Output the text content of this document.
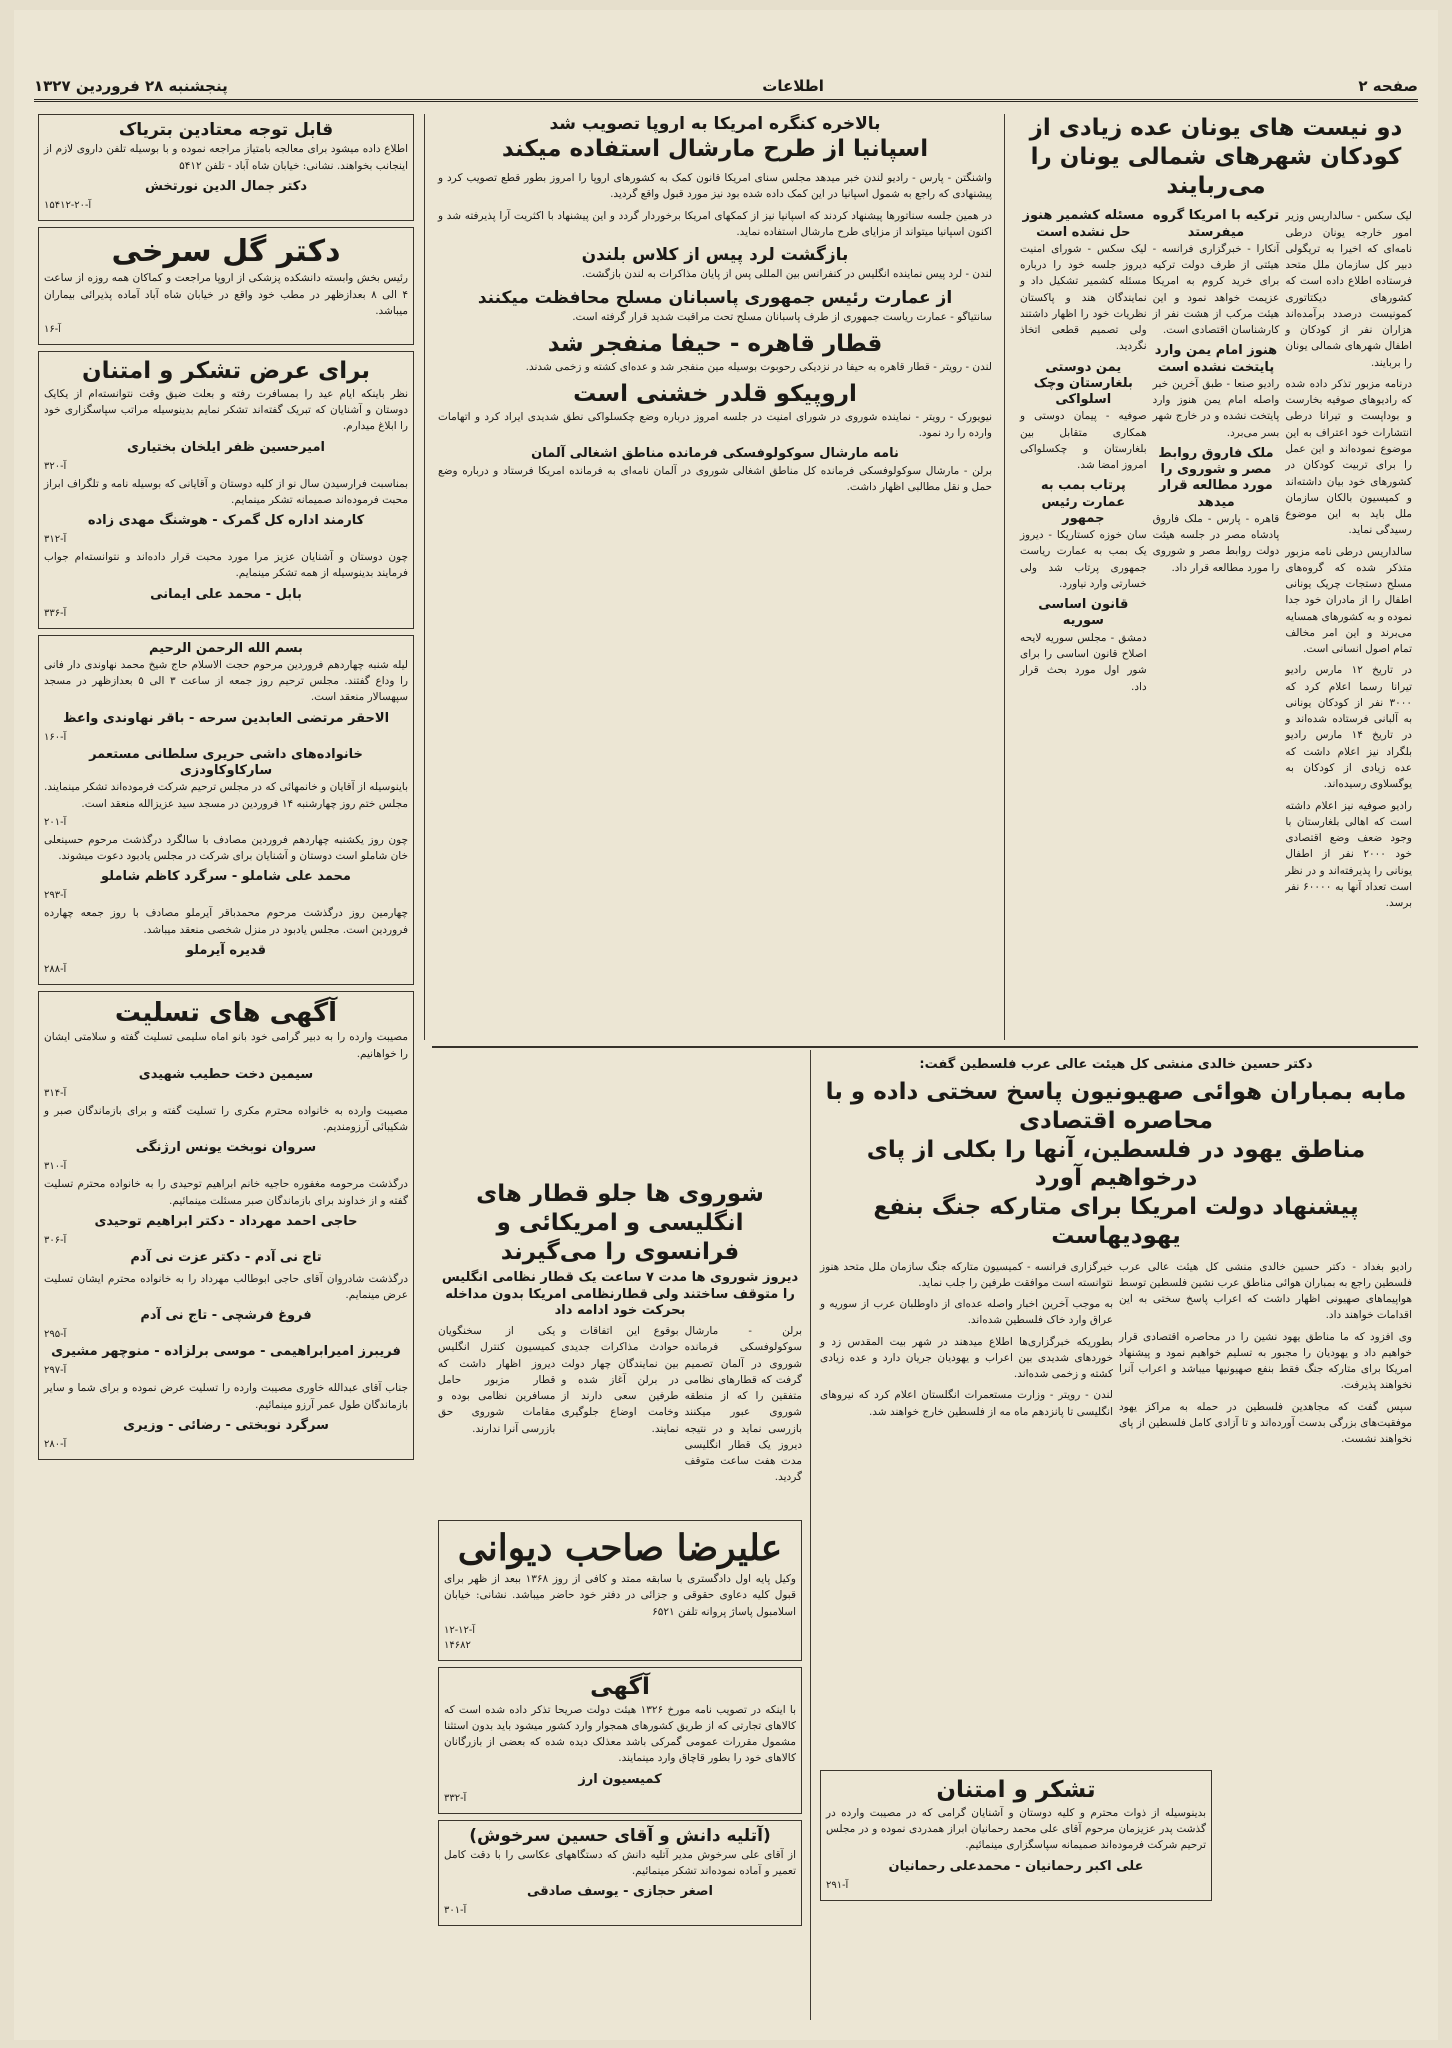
صفحه ۲
اطلاعات
پنجشنبه ۲۸ فروردین ۱۳۲۷
دو نیست های یونان عده زیادی از کودکان شهرهای شمالی یونان را می‌ربایند

لیک سکس - سالداریس وزیر امور خارجه یونان درطی نامه‌ای که اخیرا به تریگولی دبیر کل سازمان ملل متحد فرستاده اطلاع داده است که کشورهای دیکتاتوری کمونیست درصدد برآمده‌اند هزاران نفر از کودکان و اطفال شهرهای شمالی یونان را بربایند.

درنامه مزبور تذکر داده شده که رادیوهای صوفیه بخارست و بوداپست و تیرانا درطی انتشارات خود اعتراف به این موضوع نموده‌اند و این عمل را برای تربیت کودکان در کشورهای خود بیان داشته‌اند و کمیسیون بالکان سازمان ملل باید به این موضوع رسیدگی نماید.

سالداریس درطی نامه مزبور متذکر شده که گروه‌های مسلح دستجات چریک یونانی اطفال را از مادران خود جدا نموده و به کشورهای همسایه می‌برند و این امر مخالف تمام اصول انسانی است.

در تاریخ ۱۲ مارس رادیو تیرانا رسما اعلام کرد که ۳۰۰۰ نفر از کودکان یونانی به آلبانی فرستاده شده‌اند و در تاریخ ۱۴ مارس رادیو بلگراد نیز اعلام داشت که عده زیادی از کودکان به یوگسلاوی رسیده‌اند.

رادیو صوفیه نیز اعلام داشته است که اهالی بلغارستان با وجود ضعف وضع اقتصادی خود ۲۰۰۰ نفر از اطفال یونانی را پذیرفته‌اند و در نظر است تعداد آنها به ۶۰۰۰۰ نفر برسد.

ترکیه با امریکا گروه میفرستد

آنکارا - خبرگزاری فرانسه - هیئتی از طرف دولت ترکیه برای خرید کروم به امریکا عزیمت خواهد نمود و این هیئت مرکب از هشت نفر از کارشناسان اقتصادی است.

هنوز امام یمن وارد پایتخت نشده است

رادیو صنعا - طبق آخرین خبر واصله امام یمن هنوز وارد پایتخت نشده و در خارج شهر بسر می‌برد.

ملک فاروق روابط مصر و شوروی را مورد مطالعه قرار میدهد

قاهره - پارس - ملک فاروق پادشاه مصر در جلسه هیئت دولت روابط مصر و شوروی را مورد مطالعه قرار داد.

مسئله کشمیر هنوز حل نشده است

لیک سکس - شورای امنیت دیروز جلسه خود را درباره مسئله کشمیر تشکیل داد و نمایندگان هند و پاکستان نظریات خود را اظهار داشتند ولی تصمیم قطعی اتخاذ نگردید.

یمن دوستی بلغارستان وچک اسلواکی

صوفیه - پیمان دوستی و همکاری متقابل بین بلغارستان و چکسلواکی امروز امضا شد.

پرتاب بمب به عمارت رئیس جمهور

سان خوزه کستاریکا - دیروز یک بمب به عمارت ریاست جمهوری پرتاب شد ولی خسارتی وارد نیاورد.

قانون اساسی سوریه

دمشق - مجلس سوریه لایحه اصلاح قانون اساسی را برای شور اول مورد بحث قرار داد.

بالاخره کنگره امریکا به اروپا تصویب شد
اسپانیا از طرح مارشال استفاده میکند

واشنگتن - پارس - رادیو لندن خبر میدهد مجلس سنای امریکا قانون کمک به کشورهای اروپا را امروز بطور قطع تصویب کرد و پیشنهادی که راجع به شمول اسپانیا در این کمک داده شده بود نیز مورد قبول واقع گردید.

در همین جلسه سناتورها پیشنهاد کردند که اسپانیا نیز از کمکهای امریکا برخوردار گردد و این پیشنهاد با اکثریت آرا پذیرفته شد و اکنون اسپانیا میتواند از مزایای طرح مارشال استفاده نماید.

بازگشت لرد پیس از کلاس بلندن

لندن - لرد پیس نماینده انگلیس در کنفرانس بین المللی پس از پایان مذاکرات به لندن بازگشت.

از عمارت رئیس جمهوری پاسبانان مسلح محافظت میکنند

سانتیاگو - عمارت ریاست جمهوری از طرف پاسبانان مسلح تحت مراقبت شدید قرار گرفته است.

قطار قاهره - حیفا منفجر شد

لندن - رویتر - قطار قاهره به حیفا در نزدیکی رحوبوت بوسیله مین منفجر شد و عده‌ای کشته و زخمی شدند.

اروپیکو قلدر خشنی است

نیویورک - رویتر - نماینده شوروی در شورای امنیت در جلسه امروز درباره وضع چکسلواکی نطق شدیدی ایراد کرد و اتهامات وارده را رد نمود.

نامه مارشال سوکولوفسکی فرمانده مناطق اشغالی آلمان

برلن - مارشال سوکولوفسکی فرمانده کل مناطق اشغالی شوروی در آلمان نامه‌ای به فرمانده امریکا فرستاد و درباره وضع حمل و نقل مطالبی اظهار داشت.

قابل توجه معتادین بتریاک

اطلاع داده میشود برای معالجه بامتیاز مراجعه نموده و با بوسیله تلفن داروی لازم از اینجانب بخواهند. نشانی: خیابان شاه آباد - تلفن ۵۴۱۲

دکتر جمال الدین نورتخش
آ-۲۰-۱۵۴۱۲
دکتر گل سرخی

رئیس بخش وابسته دانشکده پزشکی از اروپا مراجعت و کماکان همه روزه از ساعت ۴ الی ۸ بعدازظهر در مطب خود واقع در خیابان شاه آباد آماده پذیرائی بیماران میباشد.

آ-۱۶
برای عرض تشکر و امتنان

نظر باینکه ایام عید را بمسافرت رفته و بعلت ضیق وقت نتوانسته‌ام از یکایک دوستان و آشنایان که تبریک گفته‌اند تشکر نمایم بدینوسیله مراتب سپاسگزاری خود را ابلاغ میدارم.

امیرحسین ظفر ایلخان بختیاری
آ-۳۲۰

بمناسبت فرارسیدن سال نو از کلیه دوستان و آقایانی که بوسیله نامه و تلگراف ابراز محبت فرموده‌اند صمیمانه تشکر مینمایم.

کارمند اداره کل گمرک - هوشنگ مهدی زاده
آ-۳۱۲

چون دوستان و آشنایان عزیز مرا مورد محبت قرار داده‌اند و نتوانسته‌ام جواب فرمایند بدینوسیله از همه تشکر مینمایم.

بابل - محمد علی ایمانی
آ-۳۳۶
بسم الله الرحمن الرحیم

لیله شنبه چهاردهم فروردین مرحوم حجت الاسلام حاج شیخ محمد نهاوندی دار فانی را وداع گفتند. مجلس ترحیم روز جمعه از ساعت ۳ الی ۵ بعدازظهر در مسجد سپهسالار منعقد است.

الاحقر مرتضی العابدین سرحه - باقر نهاوندی واعظ
آ-۱۶۰
خانواده‌های داشی حریری سلطانی مستعمر سارکاوکاودزی

باینوسیله از آقایان و خانمهائی که در مجلس ترحیم شرکت فرموده‌اند تشکر مینمایند. مجلس ختم روز چهارشنبه ۱۴ فروردین در مسجد سید عزیزالله منعقد است.

آ-۲۰۱

چون روز یکشنبه چهاردهم فروردین مصادف با سالگرد درگذشت مرحوم حسینعلی خان شاملو است دوستان و آشنایان برای شرکت در مجلس یادبود دعوت میشوند.

محمد علی شاملو - سرگرد کاظم شاملو
آ-۲۹۳

چهارمین روز درگذشت مرحوم محمدباقر آیرملو مصادف با روز جمعه چهارده فروردین است. مجلس یادبود در منزل شخصی منعقد میباشد.

قدیره آیرملو
آ-۲۸۸
آگهی های تسلیت

مصیبت وارده را به دبیر گرامی خود بانو اماه سلیمی تسلیت گفته و سلامتی ایشان را خواهانیم.

سیمین دخت حطیب شهیدی
آ-۳۱۴

مصیبت وارده به خانواده محترم مکری را تسلیت گفته و برای بازماندگان صبر و شکیبائی آرزومندیم.

سروان نوبخت یونس ارژنگی
آ-۳۱۰

درگذشت مرحومه مغفوره حاجیه خانم ابراهیم توحیدی را به خانواده محترم تسلیت گفته و از خداوند برای بازماندگان صبر مسئلت مینمائیم.

حاجی احمد مهرداد - دکتر ابراهیم توحیدی
آ-۳۰۶
تاج نی آدم - دکتر عزت نی آدم

درگذشت شادروان آقای حاجی ابوطالب مهرداد را به خانواده محترم ایشان تسلیت عرض مینمایم.

فروغ فرشچی - تاج نی آدم
آ-۲۹۵
فریبرز امیرابراهیمی - موسی برلزاده - منوچهر مشیری
آ-۲۹۷

جناب آقای عبدالله خاوری مصیبت وارده را تسلیت عرض نموده و برای شما و سایر بازماندگان طول عمر آرزو مینمائیم.

سرگرد نوبختی - رضائی - وزیری
آ-۲۸۰
دکتر حسین خالدی منشی کل هیئت عالی عرب فلسطین گفت:
مابه بمباران هوائی صهیونیون پاسخ سختی داده و با محاصره اقتصادی
مناطق یهود در فلسطین، آنها را بکلی از پای درخواهیم آورد
پیشنهاد دولت امریکا برای متارکه جنگ بنفع یهودیهاست

رادیو بغداد - دکتر حسین خالدی منشی کل هیئت عالی عرب فلسطین راجع به بمباران هوائی مناطق عرب نشین فلسطین توسط هواپیماهای صهیونی اظهار داشت که اعراب پاسخ سختی به این اقدامات خواهند داد.

وی افزود که ما مناطق یهود نشین را در محاصره اقتصادی قرار خواهیم داد و یهودیان را مجبور به تسلیم خواهیم نمود و پیشنهاد امریکا برای متارکه جنگ فقط بنفع صهیونیها میباشد و اعراب آنرا نخواهند پذیرفت.

سپس گفت که مجاهدین فلسطین در حمله به مراکز یهود موفقیت‌های بزرگی بدست آورده‌اند و تا آزادی کامل فلسطین از پای نخواهند نشست.

خبرگزاری فرانسه - کمیسیون متارکه جنگ سازمان ملل متحد هنوز نتوانسته است موافقت طرفین را جلب نماید.

به موجب آخرین اخبار واصله عده‌ای از داوطلبان عرب از سوریه و عراق وارد خاک فلسطین شده‌اند.

بطوریکه خبرگزاری‌ها اطلاع میدهند در شهر بیت المقدس زد و خوردهای شدیدی بین اعراب و یهودیان جریان دارد و عده زیادی کشته و زخمی شده‌اند.

لندن - رویتر - وزارت مستعمرات انگلستان اعلام کرد که نیروهای انگلیسی تا پانزدهم ماه مه از فلسطین خارج خواهند شد.

شوروی ها جلو قطار های انگلیسی و امریکائی و
فرانسوی را می‌گیرند
دیروز شوروی ها مدت ۷ ساعت یک قطار نظامی انگلیس را متوقف ساختند ولی قطارنظامی امریکا بدون مداخله بحرکت خود ادامه داد

برلن - مارشال سوکولوفسکی فرمانده شوروی در آلمان تصمیم گرفت که قطارهای نظامی متفقین را که از منطقه شوروی عبور میکنند بازرسی نماید و در نتیجه دیروز یک قطار انگلیسی مدت هفت ساعت متوقف گردید.

بوقوع این اتفاقات و حوادث مذاکرات جدیدی بین نمایندگان چهار دولت در برلن آغاز شده و طرفین سعی دارند از وخامت اوضاع جلوگیری نمایند.

یکی از سخنگویان کمیسیون کنترل انگلیس دیروز اظهار داشت که قطار مزبور حامل مسافرین نظامی بوده و مقامات شوروی حق بازرسی آنرا ندارند.

علیرضا صاحب دیوانی

وکیل پایه اول دادگستری با سابقه ممتد و کافی از روز ۱۳۶۸ ببعد از ظهر برای قبول کلیه دعاوی حقوقی و جزائی در دفتر خود حاضر میباشد. نشانی: خیابان اسلامبول پاساژ پروانه تلفن ۶۵۲۱

آ-۱۲-۱۲
۱۴۶۸۲
آگهی

با اینکه در تصویب نامه مورخ ۱۳۲۶ هیئت دولت صریحا تذکر داده شده است که کالاهای تجارتی که از طریق کشورهای همجوار وارد کشور میشود باید بدون استثنا مشمول مقررات عمومی گمرکی باشد معذلک دیده شده که بعضی از بازرگانان کالاهای خود را بطور قاچاق وارد مینمایند.

کمیسیون ارز
آ-۳۳۲
(آتلیه دانش و آقای حسین سرخوش)

از آقای علی سرخوش مدیر آتلیه دانش که دستگاههای عکاسی را با دقت کامل تعمیر و آماده نموده‌اند تشکر مینمائیم.

اصغر حجازی - یوسف صادقی
آ-۳۰۱
تشکر و امتنان

بدینوسیله از ذوات محترم و کلیه دوستان و آشنایان گرامی که در مصیبت وارده در گذشت پدر عزیزمان مرحوم آقای علی محمد رحمانیان ابراز همدردی نموده و در مجلس ترحیم شرکت فرموده‌اند صمیمانه سپاسگزاری مینمائیم.

علی اکبر رحمانیان - محمدعلی رحمانیان
آ-۲۹۱
